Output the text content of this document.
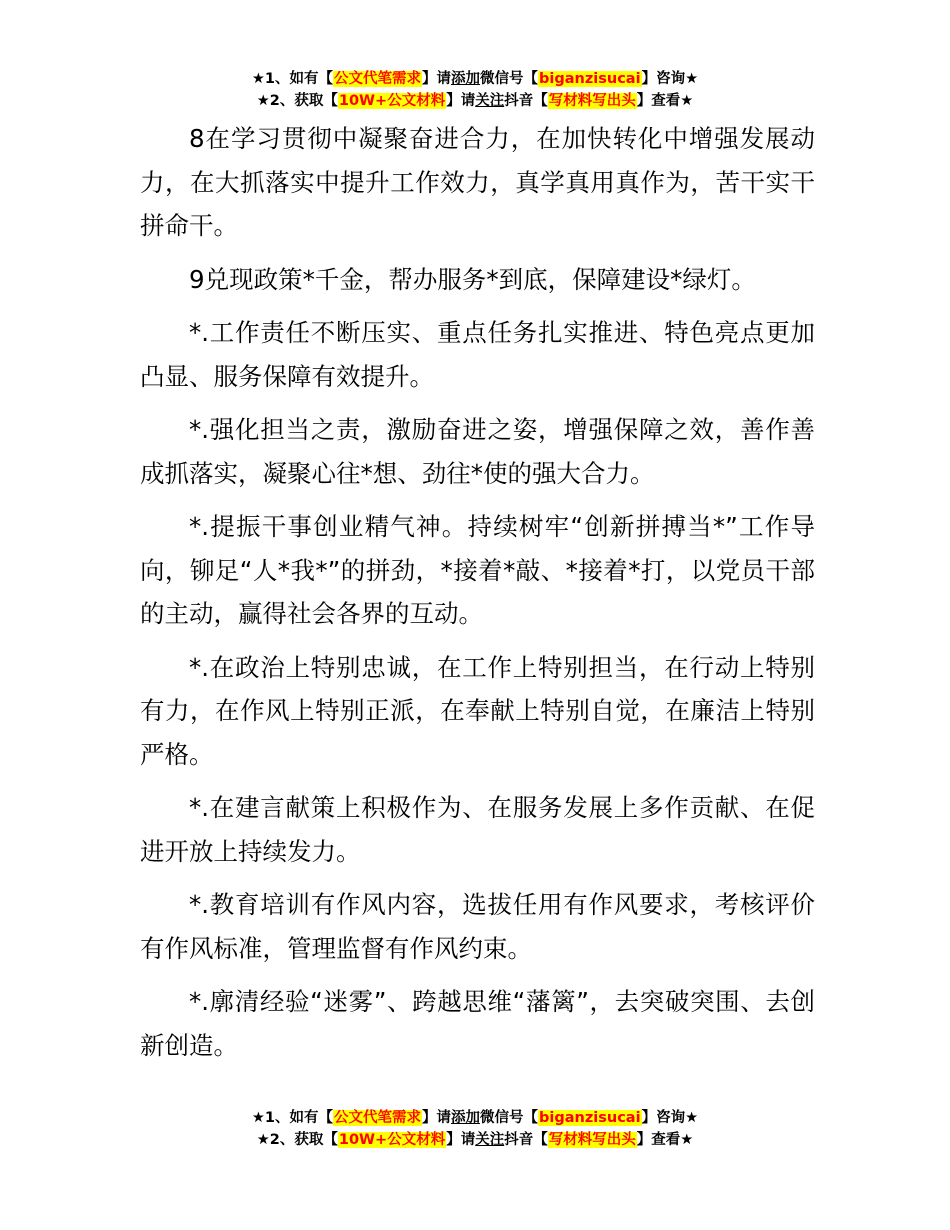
★1、如有【公文代笔需求】请添加微信号【biganzisucai】咨询★
★2、获取【10W+公文材料】请关注抖音【写材料写出头】查看★

8在学习贯彻中凝聚奋进合力，在加快转化中增强发展动力，在大抓落实中提升工作效力，真学真用真作为，苦干实干拼命干。

9兑现政策*千金，帮办服务*到底，保障建设*绿灯。

*.工作责任不断压实、重点任务扎实推进、特色亮点更加凸显、服务保障有效提升。

*.强化担当之责，激励奋进之姿，增强保障之效，善作善成抓落实，凝聚心往*想、劲往*使的强大合力。

*.提振干事创业精气神。持续树牢“创新拼搏当*”工作导向，铆足“人*我*”的拼劲，*接着*敲、*接着*打，以党员干部的主动，赢得社会各界的互动。

*.在政治上特别忠诚，在工作上特别担当，在行动上特别有力，在作风上特别正派，在奉献上特别自觉，在廉洁上特别严格。

*.在建言献策上积极作为、在服务发展上多作贡献、在促进开放上持续发力。

*.教育培训有作风内容，选拔任用有作风要求，考核评价有作风标准，管理监督有作风约束。

*.廓清经验“迷雾”、跨越思维“藩篱”，去突破突围、去创新创造。

★1、如有【公文代笔需求】请添加微信号【biganzisucai】咨询★
★2、获取【10W+公文材料】请关注抖音【写材料写出头】查看★
